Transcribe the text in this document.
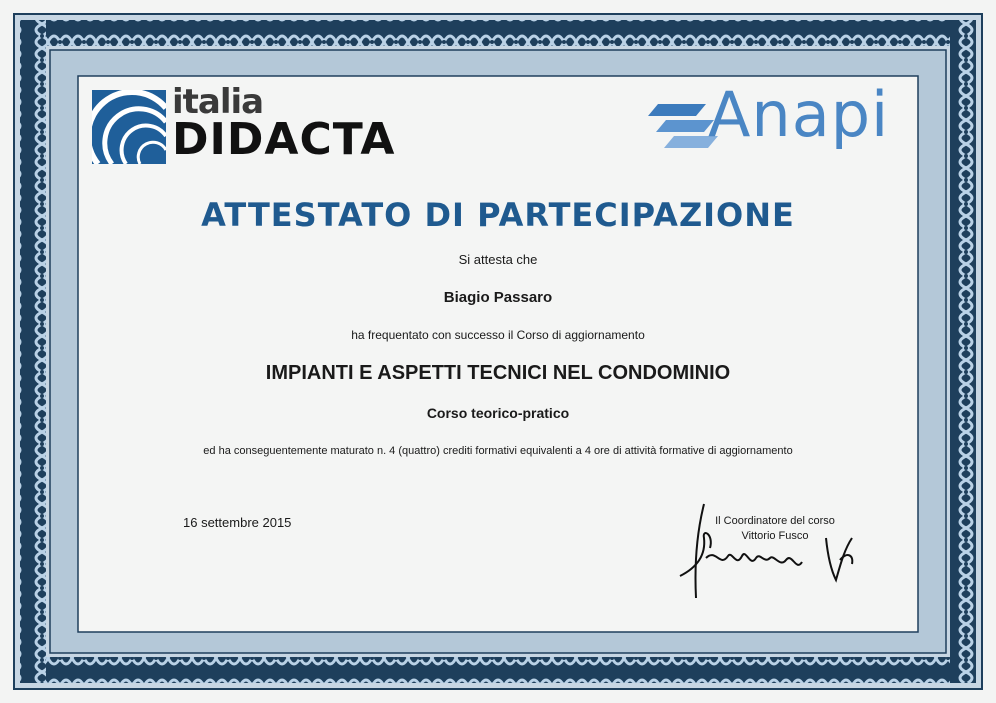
italia
DIDACTA	Anapi
ATTESTATO DI PARTECIPAZIONE
Si attesta che
Biagio Passaro
ha frequentato con successo il Corso di aggiornamento
IMPIANTI E ASPETTI TECNICI NEL CONDOMINIO
Corso teorico-pratico
ed ha conseguentemente maturato n. 4 (quattro) crediti formativi equivalenti a 4 ore di attività formative di aggiornamento
16 settembre 2015	Il Coordinatore del corso
Vittorio Fusco
